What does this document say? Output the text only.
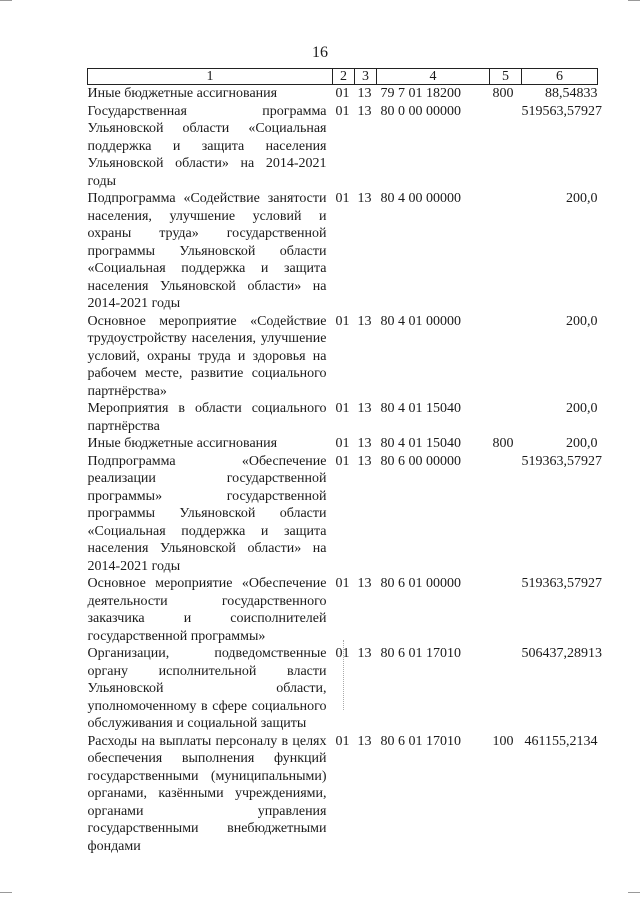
16
1	2	3	4	5	6
Иные бюджетные ассигнования	01	13	79 7 01 18200	800	88,54833
Государственная программа Ульяновской области «Социальная поддержка и защита населения Ульяновской области» на 2014-2021 годы	01	13	80 0 00 00000		519563,57927
Подпрограмма «Содействие занятости населения, улучшение условий и охраны труда» государственной программы Ульяновской области «Социальная поддержка и защита населения Ульяновской области» на 2014-2021 годы	01	13	80 4 00 00000		200,0
Основное мероприятие «Содействие трудоустройству населения, улучшение условий, охраны труда и здоровья на рабочем месте, развитие социального партнёрства»	01	13	80 4 01 00000		200,0
Мероприятия в области социального партнёрства	01	13	80 4 01 15040		200,0
Иные бюджетные ассигнования	01	13	80 4 01 15040	800	200,0
Подпрограмма «Обеспечение реализации государственной программы» государственной программы Ульяновской области «Социальная поддержка и защита населения Ульяновской области» на 2014-2021 годы	01	13	80 6 00 00000		519363,57927
Основное мероприятие «Обеспечение деятельности государственного заказчика и соисполнителей государственной программы»	01	13	80 6 01 00000		519363,57927
Организации, подведомственные органу исполнительной власти Ульяновской области, уполномоченному в сфере социального обслуживания и социальной защиты	01	13	80 6 01 17010		506437,28913
Расходы на выплаты персоналу в целях обеспечения выполнения функций государственными (муниципальными) органами, казёнными учреждениями, органами управления государственными внебюджетными фондами	01	13	80 6 01 17010	100	461155,2134
